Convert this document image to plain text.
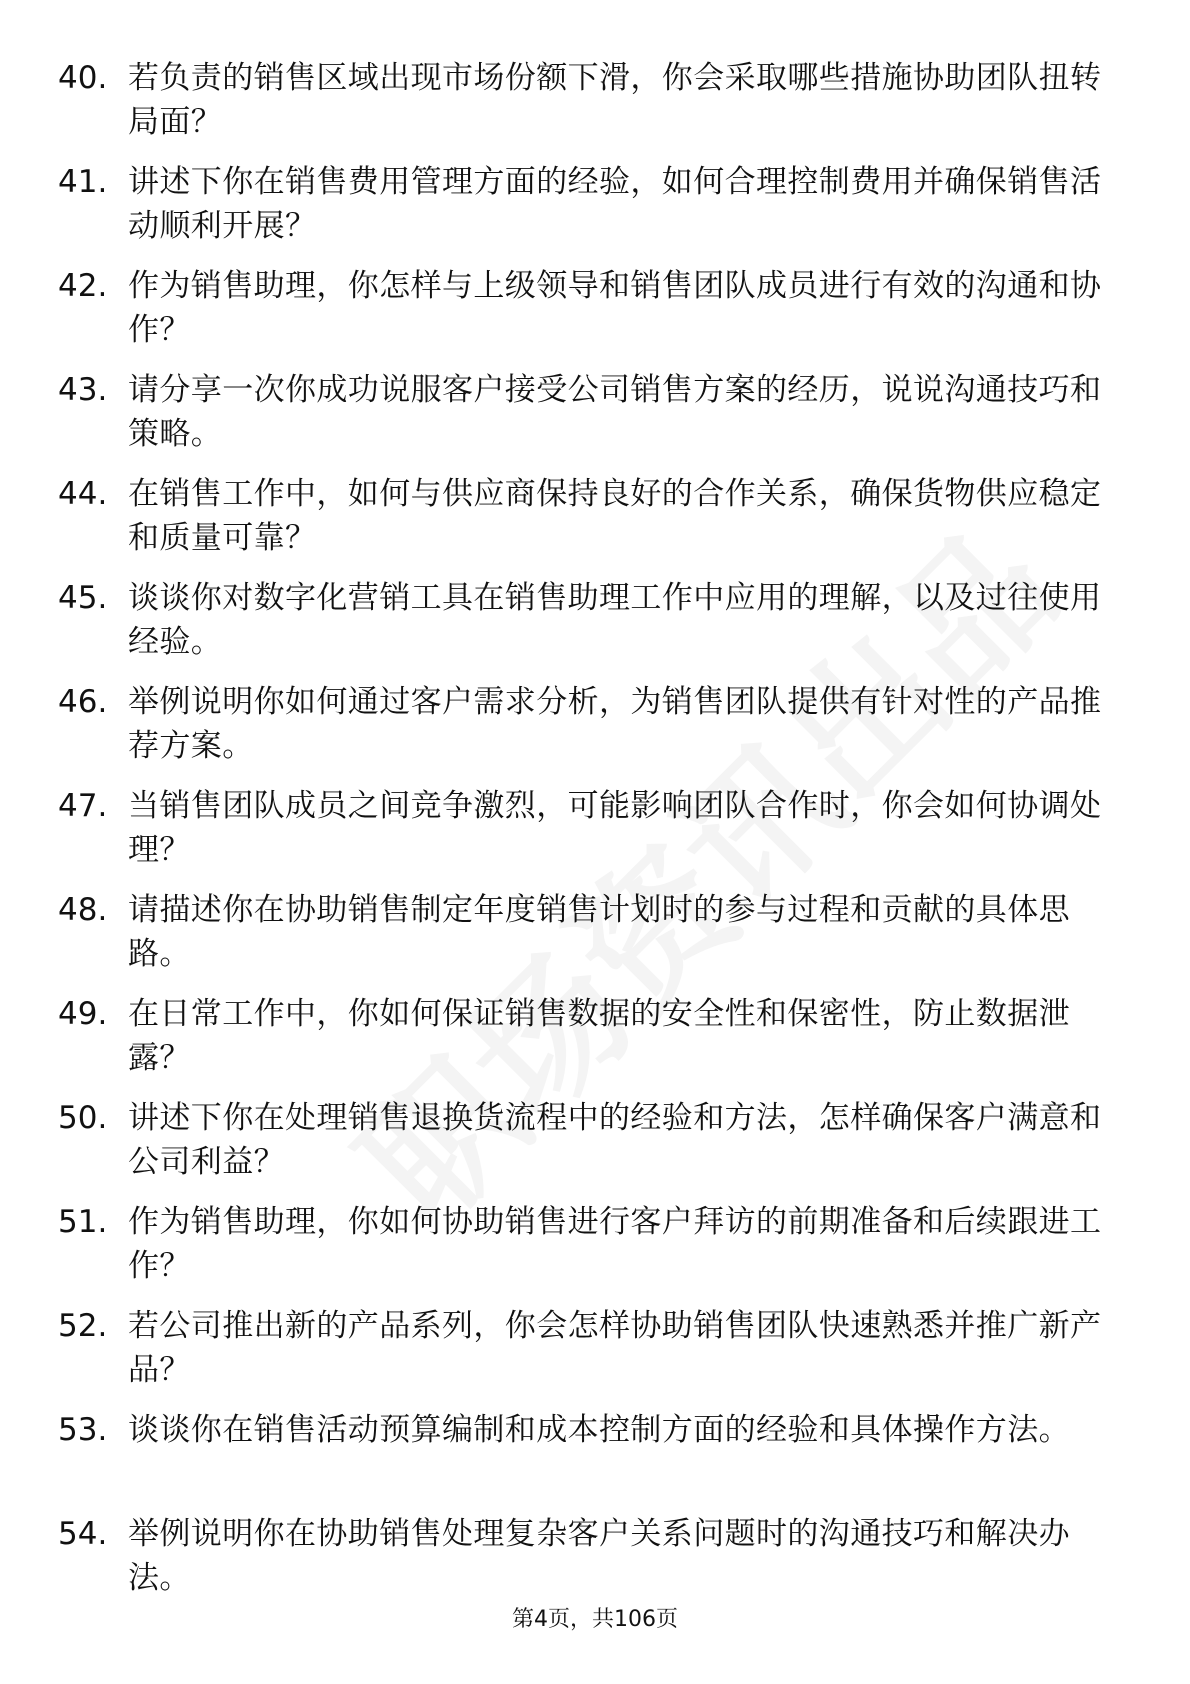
40. 若负责的销售区域出现市场份额下滑，你会采取哪些措施协助团队扭转局面？
41. 讲述下你在销售费用管理方面的经验，如何合理控制费用并确保销售活动顺利开展？
42. 作为销售助理，你怎样与上级领导和销售团队成员进行有效的沟通和协作？
43. 请分享一次你成功说服客户接受公司销售方案的经历，说说沟通技巧和策略。
44. 在销售工作中，如何与供应商保持良好的合作关系，确保货物供应稳定和质量可靠？
45. 谈谈你对数字化营销工具在销售助理工作中应用的理解，以及过往使用经验。
46. 举例说明你如何通过客户需求分析，为销售团队提供有针对性的产品推荐方案。
47. 当销售团队成员之间竞争激烈，可能影响团队合作时，你会如何协调处理？
48. 请描述你在协助销售制定年度销售计划时的参与过程和贡献的具体思路。
49. 在日常工作中，你如何保证销售数据的安全性和保密性，防止数据泄露？
50. 讲述下你在处理销售退换货流程中的经验和方法，怎样确保客户满意和公司利益？
51. 作为销售助理，你如何协助销售进行客户拜访的前期准备和后续跟进工作？
52. 若公司推出新的产品系列，你会怎样协助销售团队快速熟悉并推广新产品？
53. 谈谈你在销售活动预算编制和成本控制方面的经验和具体操作方法。
54. 举例说明你在协助销售处理复杂客户关系问题时的沟通技巧和解决办法。
第4页，共106页
